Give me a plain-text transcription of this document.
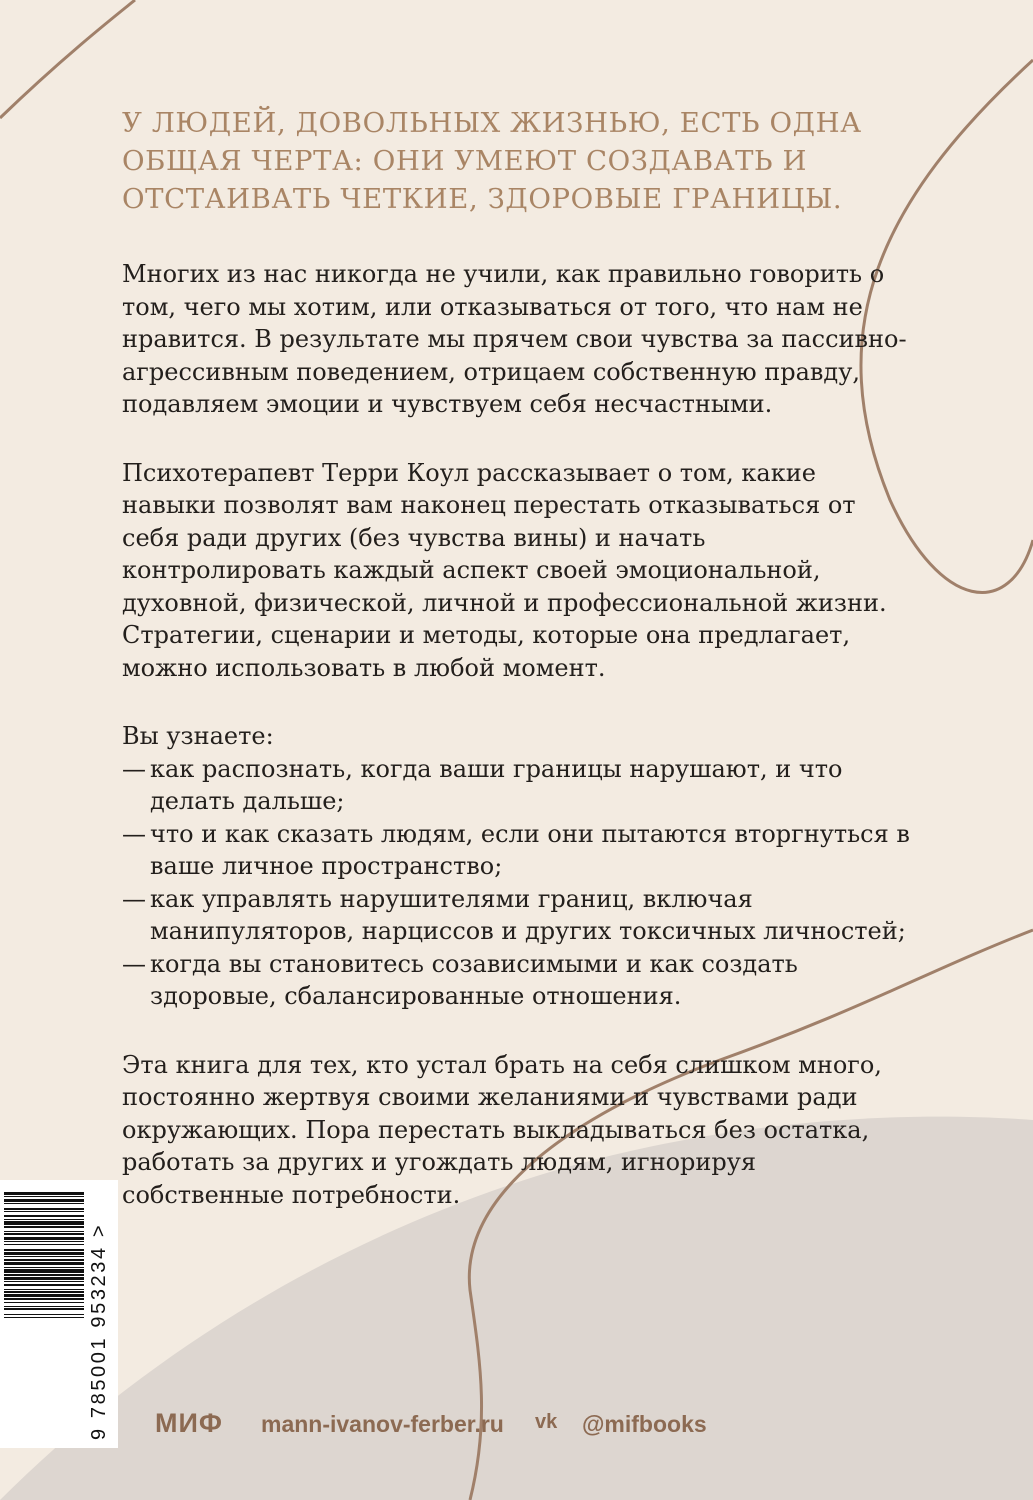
У ЛЮДЕЙ, ДОВОЛЬНЫХ ЖИЗНЬЮ, ЕСТЬ ОДНА ОБЩАЯ ЧЕРТА: ОНИ УМЕЮТ СОЗДАВАТЬ И ОТСТАИВАТЬ ЧЕТКИЕ, ЗДОРОВЫЕ ГРАНИЦЫ.

Многих из нас никогда не учили, как правильно говорить о том, чего мы хотим, или отказываться от того, что нам не нравится. В результате мы прячем свои чувства за пассивно-агрессивным поведением, отрицаем собственную правду, подавляем эмоции и чувствуем себя несчастными.

Психотерапевт Терри Коул рассказывает о том, какие навыки позволят вам наконец перестать отказываться от себя ради других (без чувства вины) и начать контролировать каждый аспект своей эмоциональной, духовной, физической, личной и профессиональной жизни. Стратегии, сценарии и методы, которые она предлагает, можно использовать в любой момент.

Вы узнаете:

— как распознать, когда ваши границы нарушают, и что делать дальше;
— что и как сказать людям, если они пытаются вторгнуться в ваше личное пространство;
— как управлять нарушителями границ, включая манипуляторов, нарциссов и других токсичных личностей;
— когда вы становитесь созависимыми и как создать здоровые, сбалансированные отношения.

Эта книга для тех, кто устал брать на себя слишком много, постоянно жертвуя своими желаниями и чувствами ради окружающих. Пора перестать выкладываться без остатка, работать за других и угождать людям, игнорируя собственные потребности.

9 785001 953234 > МИФ mann-ivanov-ferber.ru vk @mifbooks
